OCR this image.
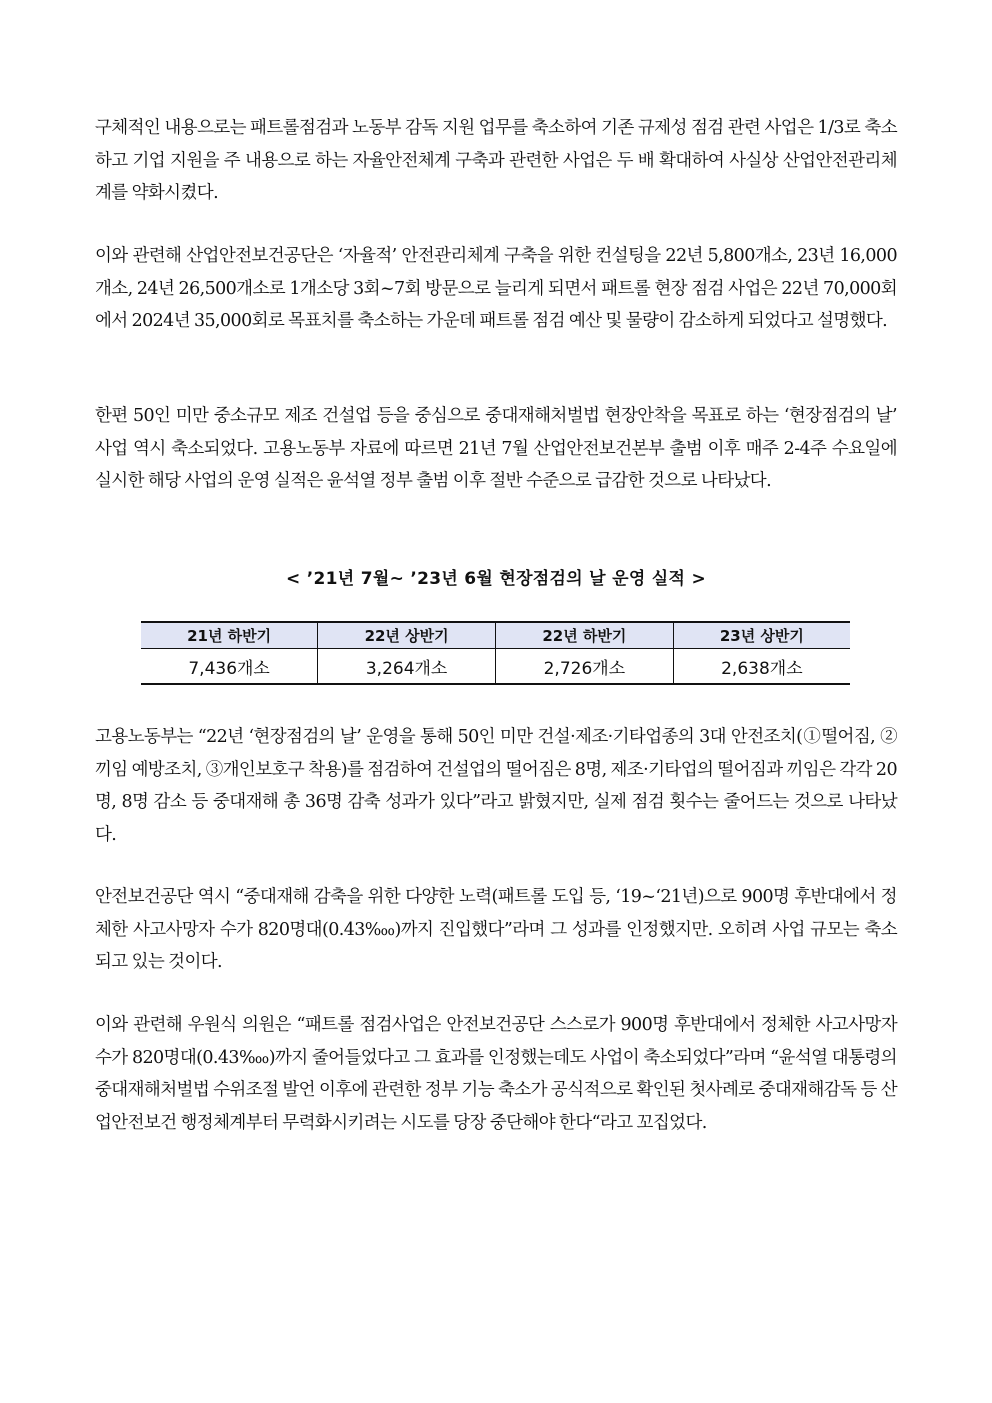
구체적인 내용으로는 패트롤점검과 노동부 감독 지원 업무를 축소하여 기존 규제성 점검 관련 사업은 1/3로 축소하고 기업 지원을 주 내용으로 하는 자율안전체계 구축과 관련한 사업은 두 배 확대하여 사실상 산업안전관리체계를 약화시켰다.

이와 관련해 산업안전보건공단은 ‘자율적’ 안전관리체계 구축을 위한 컨설팅을 22년 5,800개소, 23년 16,000개소, 24년 26,500개소로 1개소당 3회~7회 방문으로 늘리게 되면서 패트롤 현장 점검 사업은 22년 70,000회에서 2024년 35,000회로 목표치를 축소하는 가운데 패트롤 점검 예산 및 물량이 감소하게 되었다고 설명했다.

한편 50인 미만 중소규모 제조 건설업 등을 중심으로 중대재해처벌법 현장안착을 목표로 하는 ‘현장점검의 날’ 사업 역시 축소되었다. 고용노동부 자료에 따르면 21년 7월 산업안전보건본부 출범 이후 매주 2-4주 수요일에 실시한 해당 사업의 운영 실적은 윤석열 정부 출범 이후 절반 수준으로 급감한 것으로 나타났다.

< ’21년 7월~ ’23년 6월 현장점검의 날 운영 실적 >

21년 하반기	22년 상반기	22년 하반기	23년 상반기
7,436개소	3,264개소	2,726개소	2,638개소

고용노동부는 “22년 ‘현장점검의 날’ 운영을 통해 50인 미만 건설·제조·기타업종의 3대 안전조치(①떨어짐, ②끼임 예방조치, ③개인보호구 착용)를 점검하여 건설업의 떨어짐은 8명, 제조·기타업의 떨어짐과 끼임은 각각 20명, 8명 감소 등 중대재해 총 36명 감축 성과가 있다”라고 밝혔지만, 실제 점검 횟수는 줄어드는 것으로 나타났다.

안전보건공단 역시 “중대재해 감축을 위한 다양한 노력(패트롤 도입 등, ‘19~‘21년)으로 900명 후반대에서 정체한 사고사망자 수가 820명대(0.43‱)까지 진입했다”라며 그 성과를 인정했지만. 오히려 사업 규모는 축소되고 있는 것이다.

이와 관련해 우원식 의원은 “패트롤 점검사업은 안전보건공단 스스로가 900명 후반대에서 정체한 사고사망자 수가 820명대(0.43‱)까지 줄어들었다고 그 효과를 인정했는데도 사업이 축소되었다”라며 “윤석열 대통령의 중대재해처벌법 수위조절 발언 이후에 관련한 정부 기능 축소가 공식적으로 확인된 첫사례로 중대재해감독 등 산업안전보건 행정체계부터 무력화시키려는 시도를 당장 중단해야 한다“라고 꼬집었다.
